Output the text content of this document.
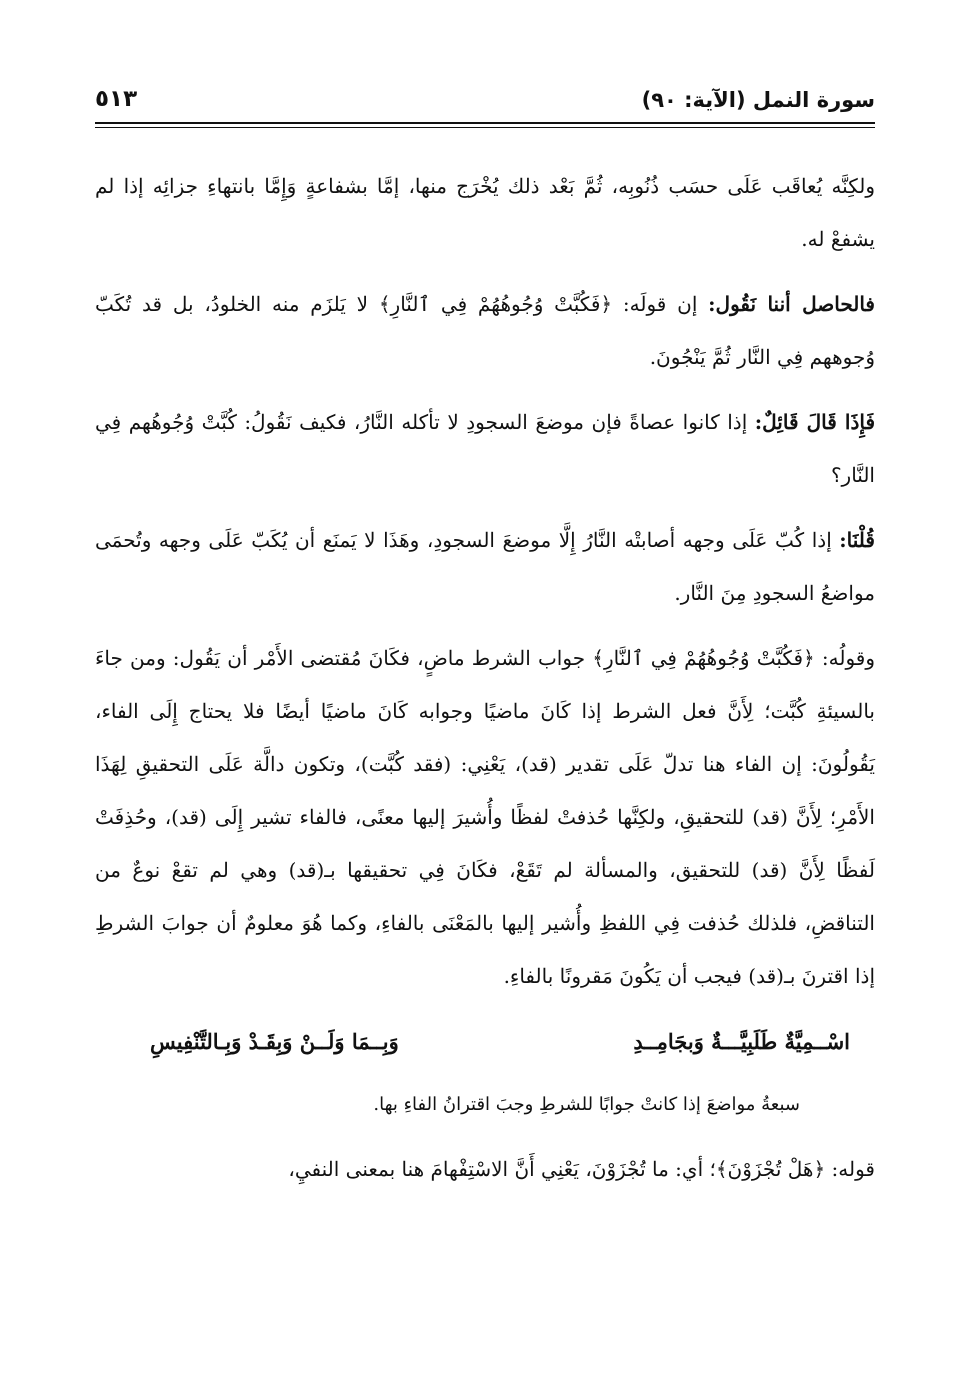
سورة النمل (الآية: ٩٠)
٥١٣

ولكِنَّه يُعاقَب عَلَى حسَب ذُنُوبِه، ثُمَّ بَعْد ذلك يُخْرَج منها، إمَّا بشفاعةٍ وَإِمَّا بانتهاءِ جزائِه إذا لم يشفعْ له.

فالحاصل أننا نَقُول: إن قولَه: ﴿فَكُبَّتْ وُجُوهُهُمْ فِي ٱلنَّارِ﴾ لا يَلزَم منه الخلودُ، بل قد تُكَبّ وُجوههم فِي النَّار ثُمَّ يَنْجُونَ.

فَإِذَا قَالَ قَائِلٌ: إذا كانوا عصاةً فإن موضعَ السجودِ لا تأكله النَّارُ، فكيف نَقُولُ: كُبَّتْ وُجُوهُهم فِي النَّار؟

قُلْنَا: إذا كُبّ عَلَى وجهه أصابتْه النَّارُ إِلَّا موضعَ السجودِ، وهَذَا لا يَمنَع أن يُكَبّ عَلَى وجهه وتُحمَى مواضعُ السجودِ مِنَ النَّار.

وقولُه: ﴿فَكُبَّتْ وُجُوهُهُمْ فِي ٱلنَّارِ﴾ جواب الشرط ماضٍ، فكَانَ مُقتضى الأَمْر أن يَقُول: ومن جاءَ بالسيئةِ كُبَّت؛ لِأَنَّ فعل الشرط إذا كَانَ ماضيًا وجوابه كَانَ ماضيًا أيضًا فلا يحتاج إِلَى الفاء، يَقُولُونَ: إن الفاء هنا تدلّ عَلَى تقدير (قد)، يَعْنِي: (فقد كُبَّت)، وتكون دالَّة عَلَى التحقيقِ لِهَذَا الأَمْرِ؛ لِأَنَّ (قد) للتحقيقِ، ولكِنَّها حُذفتْ لفظًا وأُشيرَ إليها معنًى، فالفاء تشير إِلَى (قد)، وحُذِفَتْ لَفظًا لِأَنَّ (قد) للتحقيق، والمسألة لم تَقَعْ، فكَانَ فِي تحقيقها بـ(قد) وهي لم تقعْ نوعٌ من التناقضِ، فلذلك حُذفت فِي اللفظِ وأُشير إليها بالمَعْنَى بالفاءِ، وكما هُوَ معلومٌ أن جوابَ الشرطِ إذا اقترنَ بـ(قد) فيجب أن يَكُونَ مَقرونًا بالفاءِ.

اسْــمِيَّةٌ طَلَبِيَّـــةٌ وَبجَامِــدِ
وَبِــمَا وَلَــنْ وَبِقَـدْ وَبِـالتَّنْفِيسِ
سبعةُ مواضعَ إذا كانتْ جوابًا للشرطِ وجبَ اقترانُ الفاءِ بها.

قوله: ﴿هَلْ تُجْزَوْنَ﴾؛ أي: ما تُجْزَوْنَ، يَعْنِي أَنَّ الاسْتِفْهامَ هنا بمعنى النفيِ،
